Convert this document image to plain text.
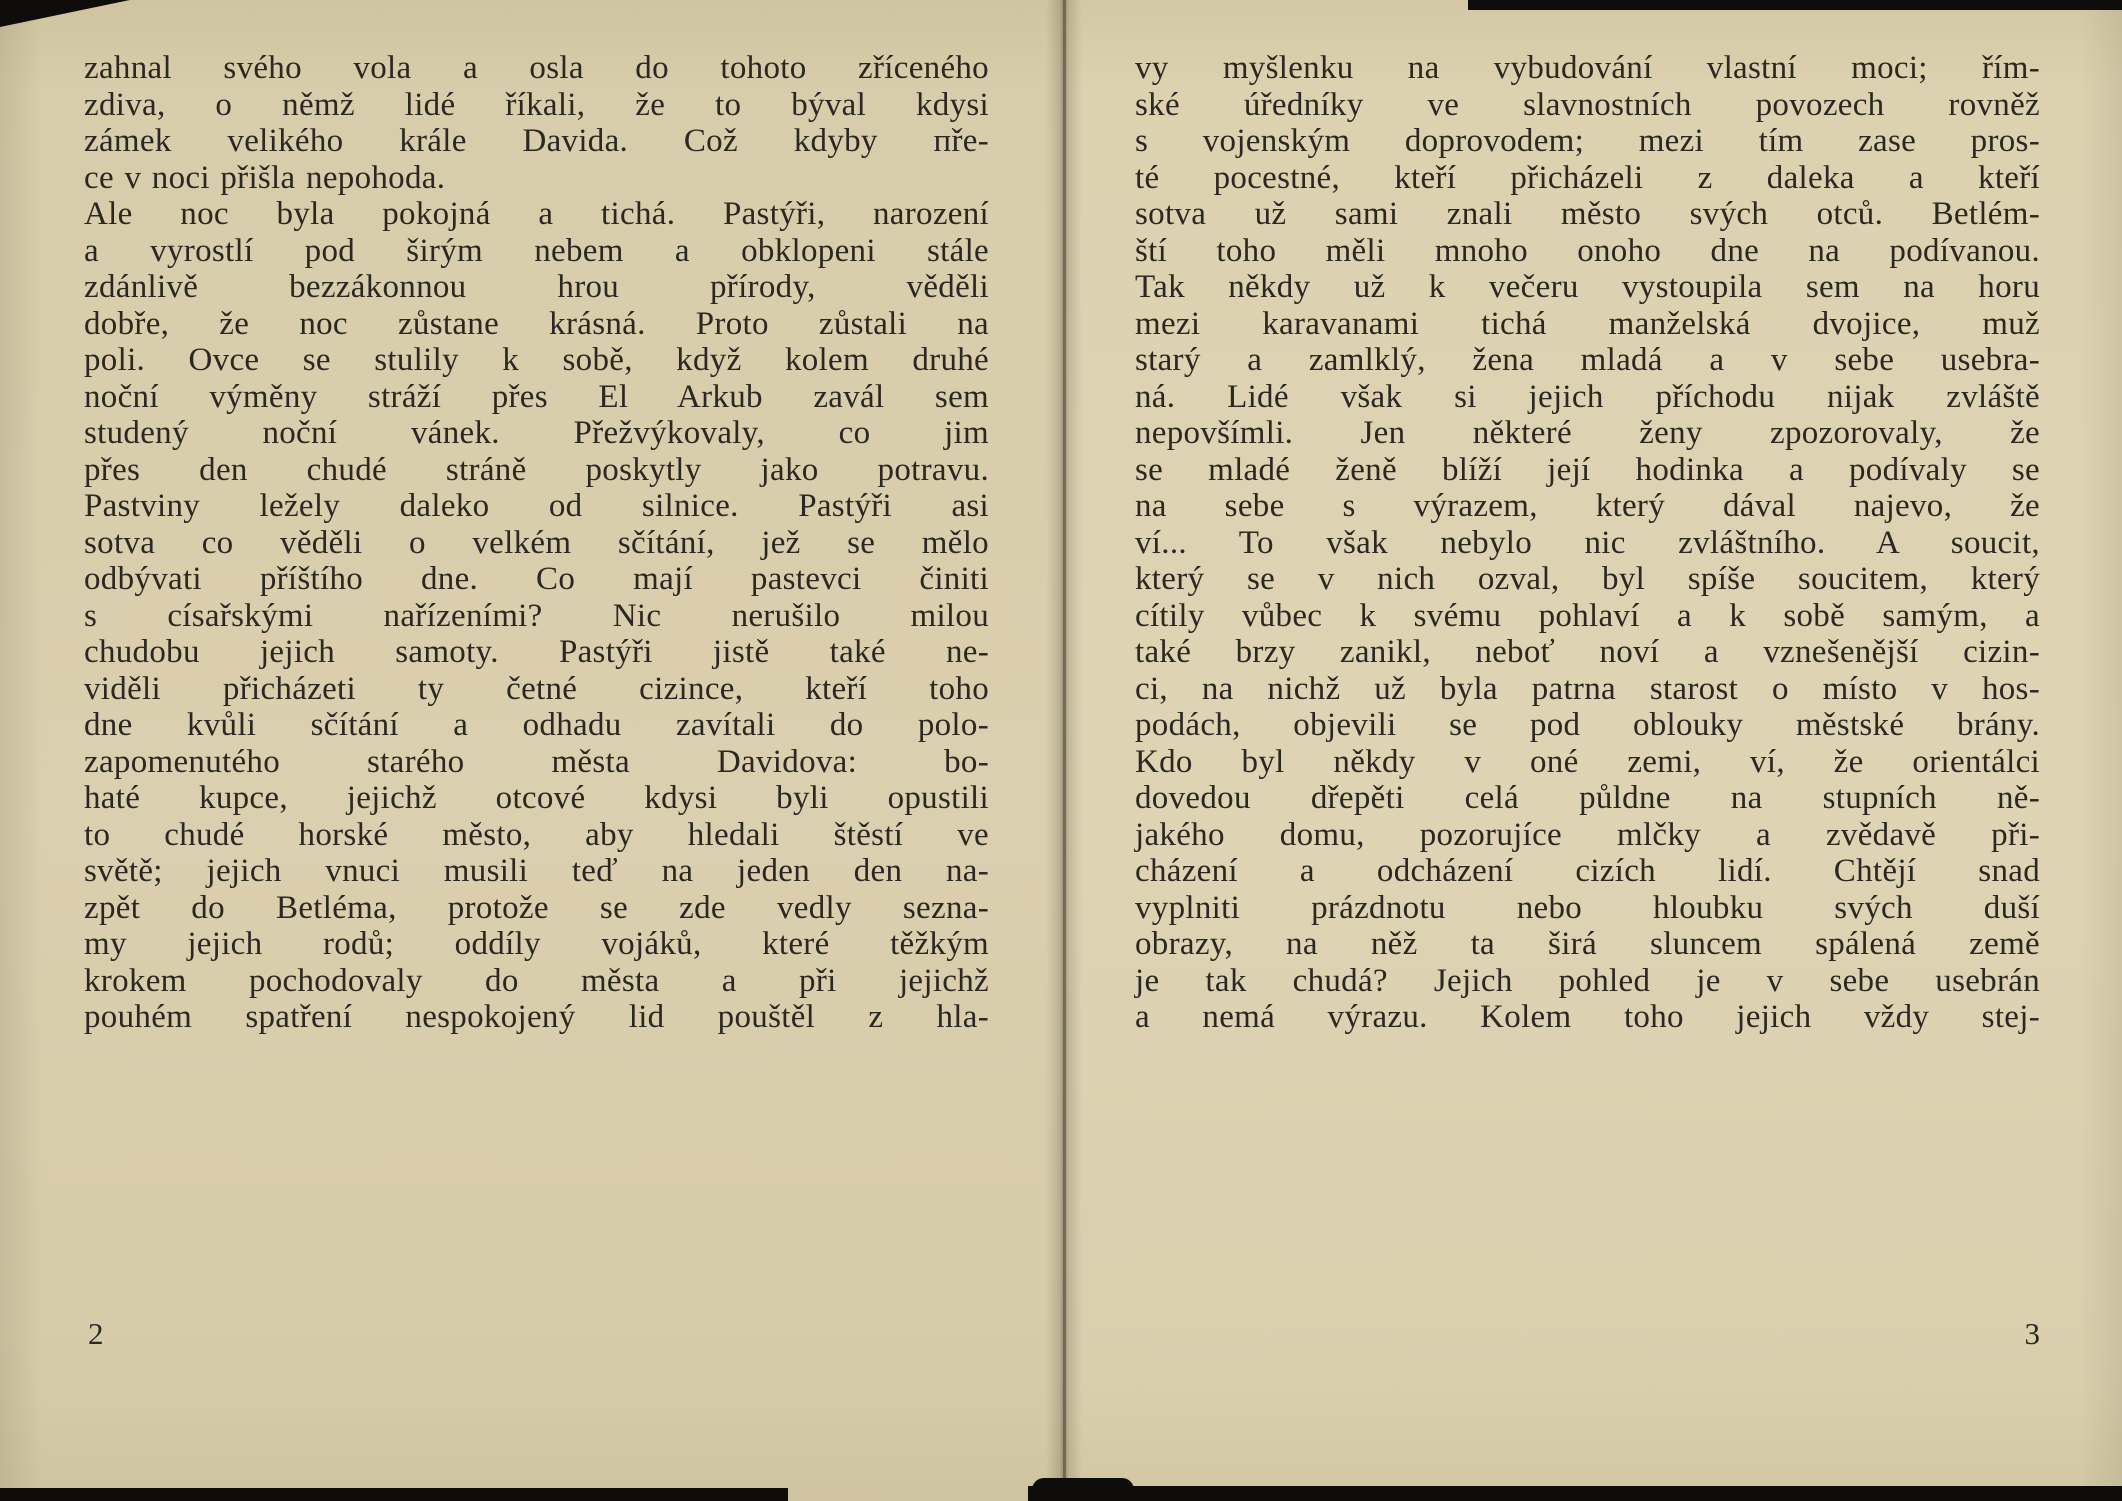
zahnal svého vola a osla do tohoto zříceného
zdiva, o němž lidé říkali, že to býval kdysi
zámek velikého krále Davida. Což kdyby пře-
ce v noci přišla nepohoda.
Ale noc byla pokojná a tichá. Pastýři, narození
a vyrostlí pod širým nebem a obklopeni stále
zdánlivě bezzákonnou hrou přírody, věděli
dobře, že noc zůstane krásná. Proto zůstali na
poli. Ovce se stulily k sobě, když kolem druhé
noční výměny stráží přes El Arkub zavál sem
studený noční vánek. Přežvýkovaly, co jim
přes den chudé stráně poskytly jako potravu.
Pastviny ležely daleko od silnice. Pastýři asi
sotva co věděli o velkém sčítání, jež se mělo
odbývati příštího dne. Co mají pastevci činiti
s císařskými nařízeními? Nic nerušilo milou
chudobu jejich samoty. Pastýři jistě také ne-
viděli přicházeti ty četné cizince, kteří toho
dne kvůli sčítání a odhadu zavítali do polo-
zapomenutého starého města Davidova: bo-
haté kupce, jejichž otcové kdysi byli opustili
to chudé horské město, aby hledali štěstí ve
světě; jejich vnuci musili teď na jeden den na-
zpět do Betléma, protože se zde vedly sezna-
my jejich rodů; oddíly vojáků, které těžkým
krokem pochodovaly do města a při jejichž
pouhém spatření nespokojený lid pouštěl z hla-
2
vy myšlenku na vybudování vlastní moci; řím-
ské úředníky ve slavnostních povozech rovněž
s vojenským doprovodem; mezi tím zase pros-
té pocestné, kteří přicházeli z daleka a kteří
sotva už sami znali město svých otců. Betlém-
ští toho měli mnoho onoho dne na podívanou.
Tak někdy už k večeru vystoupila sem na horu
mezi karavanami tichá manželská dvojice, muž
starý a zamlklý, žena mladá a v sebe usebra-
ná. Lidé však si jejich příchodu nijak zvláště
nepovšímli. Jen některé ženy zpozorovaly, že
se mladé ženě blíží její hodinka a podívaly se
na sebe s výrazem, který dával najevo, že
ví... To však nebylo nic zvláštního. A soucit,
který se v nich ozval, byl spíše soucitem, který
cítily vůbec k svému pohlaví a k sobě samým, a
také brzy zanikl, neboť noví a vznešenější cizin-
ci, na nichž už byla patrna starost o místo v hos-
podách, objevili se pod oblouky městské brány.
Kdo byl někdy v oné zemi, ví, že orientálci
dovedou dřepěti celá půldne na stupních ně-
jakého domu, pozorujíce mlčky a zvědavě při-
cházení a odcházení cizích lidí. Chtějí snad
vyplniti prázdnotu nebo hloubku svých duší
obrazy, na něž ta širá sluncem spálená země
je tak chudá? Jejich pohled je v sebe usebrán
a nemá výrazu. Kolem toho jejich vždy stej-
3
